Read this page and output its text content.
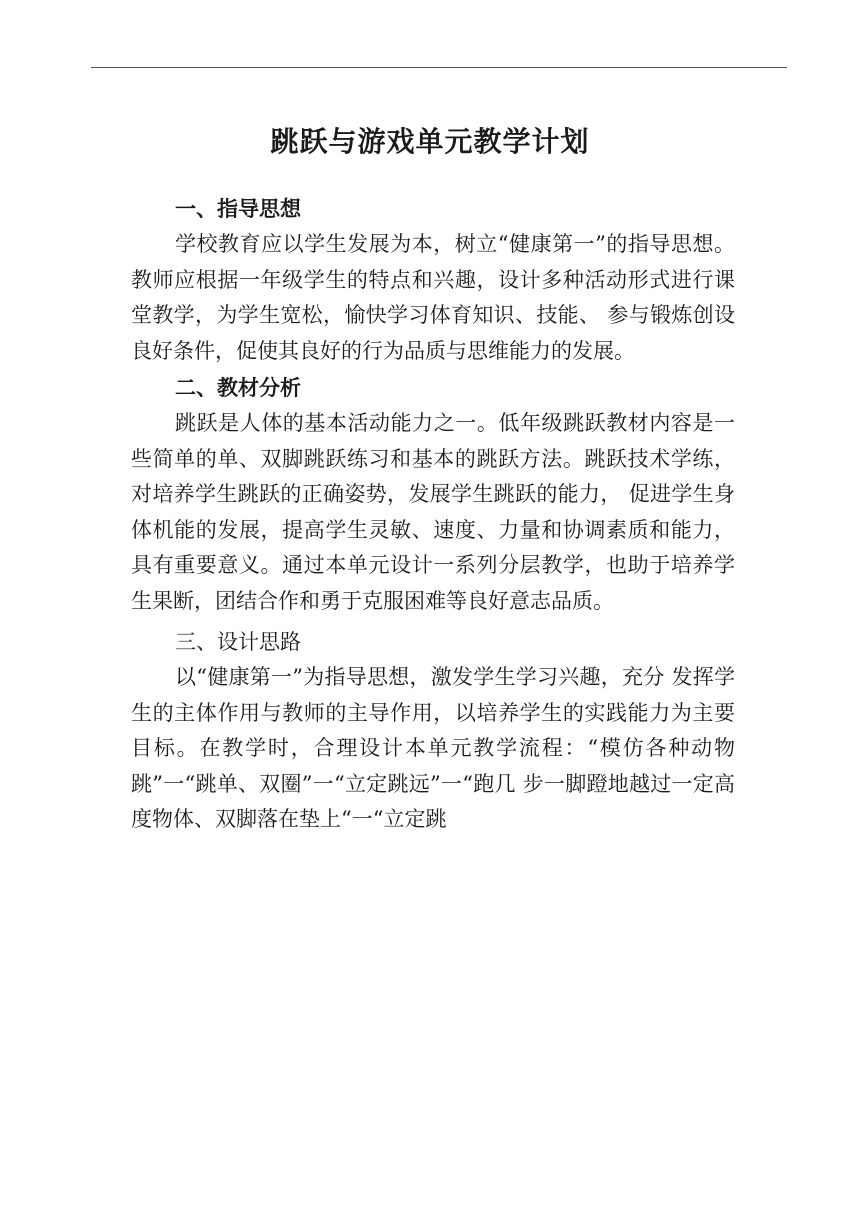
跳跃与游戏单元教学计划
一、指导思想

学校教育应以学生发展为本，树立“健康第一”的指导思想。教师应根据一年级学生的特点和兴趣，设计多种活动形式进行课堂教学，为学生宽松，愉快学习体育知识、技能、 参与锻炼创设良好条件，促使其良好的行为品质与思维能力的发展。

二、教材分析

跳跃是人体的基本活动能力之一。低年级跳跃教材内容是一些简单的单、双脚跳跃练习和基本的跳跃方法。跳跃技术学练，对培养学生跳跃的正确姿势，发展学生跳跃的能力， 促进学生身体机能的发展，提高学生灵敏、速度、力量和协调素质和能力，具有重要意义。通过本单元设计一系列分层教学，也助于培养学生果断，团结合作和勇于克服困难等良好意志品质。

三、设计思路

以“健康第一”为指导思想，激发学生学习兴趣，充分 发挥学生的主体作用与教师的主导作用，以培养学生的实践能力为主要目标。在教学时，合理设计本单元教学流程：“模仿各种动物跳”一“跳单、双圈”一“立定跳远”一“跑几 步一脚蹬地越过一定高度物体、双脚落在垫上“一“立定跳
